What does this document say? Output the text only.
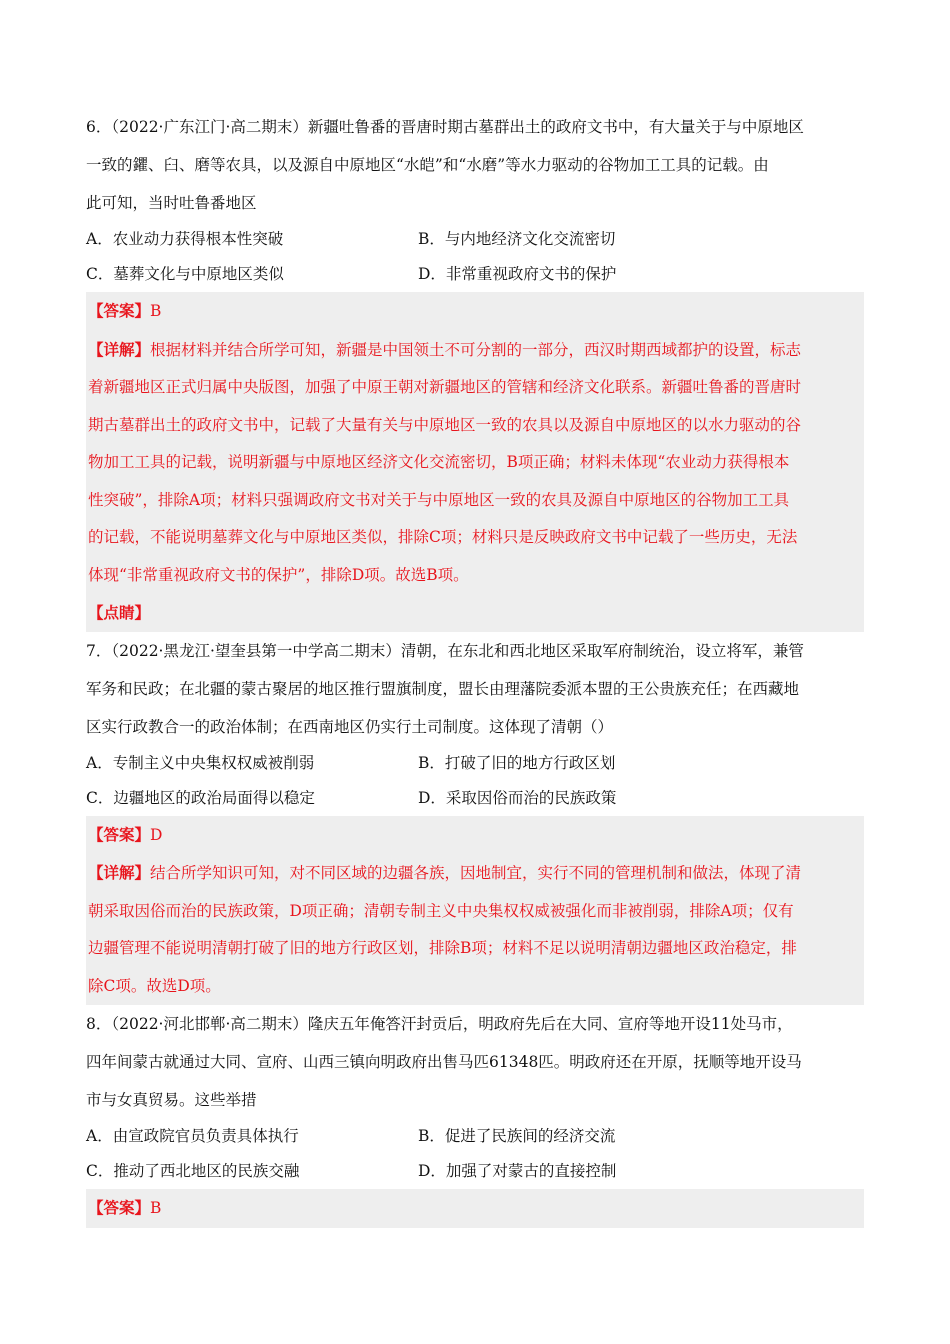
6．（2022·广东江门·高二期末）新疆吐鲁番的晋唐时期古墓群出土的政府文书中，有大量关于与中原地区
一致的鑺、臼、磨等农具，以及源自中原地区“水皑”和“水磨”等水力驱动的谷物加工工具的记载。由
此可知，当时吐鲁番地区
A．农业动力获得根本性突破	B．与内地经济文化交流密切
C．墓葬文化与中原地区类似	D．非常重视政府文书的保护
【答案】B
【详解】根据材料并结合所学可知，新疆是中国领土不可分割的一部分，西汉时期西域都护的设置，标志
着新疆地区正式归属中央版图，加强了中原王朝对新疆地区的管辖和经济文化联系。新疆吐鲁番的晋唐时
期古墓群出土的政府文书中，记载了大量有关与中原地区一致的农具以及源自中原地区的以水力驱动的谷
物加工工具的记载，说明新疆与中原地区经济文化交流密切，B项正确；材料未体现“农业动力获得根本
性突破”，排除A项；材料只强调政府文书对关于与中原地区一致的农具及源自中原地区的谷物加工工具
的记载，不能说明墓葬文化与中原地区类似，排除C项；材料只是反映政府文书中记载了一些历史，无法
体现“非常重视政府文书的保护”，排除D项。故选B项。
【点睛】
7．（2022·黑龙江·望奎县第一中学高二期末）清朝，在东北和西北地区采取军府制统治，设立将军，兼管
军务和民政；在北疆的蒙古聚居的地区推行盟旗制度，盟长由理藩院委派本盟的王公贵族充任；在西藏地
区实行政教合一的政治体制；在西南地区仍实行土司制度。这体现了清朝（）
A．专制主义中央集权权威被削弱	B．打破了旧的地方行政区划
C．边疆地区的政治局面得以稳定	D．采取因俗而治的民族政策
【答案】D
【详解】结合所学知识可知，对不同区域的边疆各族，因地制宜，实行不同的管理机制和做法，体现了清
朝采取因俗而治的民族政策，D项正确；清朝专制主义中央集权权威被强化而非被削弱，排除A项；仅有
边疆管理不能说明清朝打破了旧的地方行政区划，排除B项；材料不足以说明清朝边疆地区政治稳定，排
除C项。故选D项。
8．（2022·河北邯郸·高二期末）隆庆五年俺答汗封贡后，明政府先后在大同、宣府等地开设11处马市，
四年间蒙古就通过大同、宣府、山西三镇向明政府出售马匹61348匹。明政府还在开原，抚顺等地开设马
市与女真贸易。这些举措
A．由宣政院官员负责具体执行	B．促进了民族间的经济交流
C．推动了西北地区的民族交融	D．加强了对蒙古的直接控制
【答案】B
